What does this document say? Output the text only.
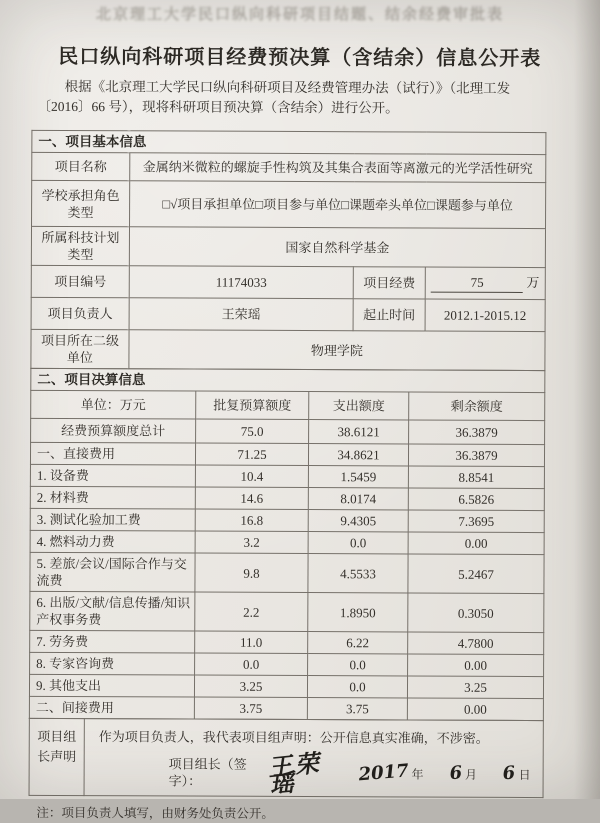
北京理工大学民口纵向科研项目结题、结余经费审批表
民口纵向科研项目经费预决算（含结余）信息公开表

根据《北京理工大学民口纵向科研项目及经费管理办法（试行）》（北理工发
〔2016〕66 号），现将科研项目预决算（含结余）进行公开。

一、项目基本信息			
项目名称	金属纳米微粒的螺旋手性构筑及其集合表面等离激元的光学活性研究		
学校承担角色类型	□√项目承担单位□项目参与单位□课题牵头单位□课题参与单位		
所属科技计划类型	国家自然科学基金		
项目编号	11174033	项目经费	75 万
项目负责人	王荣瑶	起止时间	2012.1-2015.12
项目所在二级单位	物理学院		
二、项目决算信息			
单位：万元	批复预算额度	支出额度	剩余额度
经费预算额度总计	75.0	38.6121	36.3879
一、直接费用	71.25	34.8621	36.3879
1. 设备费	10.4	1.5459	8.8541
2. 材料费	14.6	8.0174	6.5826
3. 测试化验加工费	16.8	9.4305	7.3695
4. 燃料动力费	3.2	0.0	0.00
5. 差旅/会议/国际合作与交流费	9.8	4.5533	5.2467
6. 出版/文献/信息传播/知识产权事务费	2.2	1.8950	0.3050
7. 劳务费	11.0	6.22	4.7800
8. 专家咨询费	0.0	0.0	0.00
9. 其他支出	3.25	0.0	3.25
二、间接费用	3.75	3.75	0.00
项目组长声明	
作为项目负责人，我代表项目组声明：公开信息真实准确，不涉密。
项目组长（签字）：	王荣瑶	2017 年 6 月 6 日
注：项目负责人填写，由财务处负责公开。
